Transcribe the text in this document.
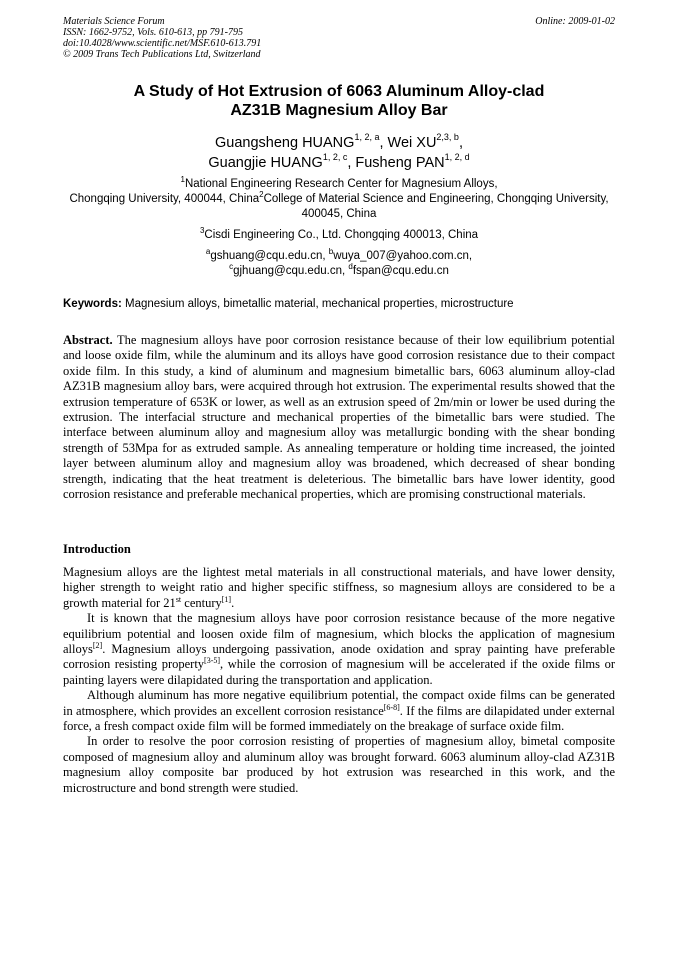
Materials Science Forum
ISSN: 1662-9752, Vols. 610-613, pp 791-795
doi:10.4028/www.scientific.net/MSF.610-613.791
© 2009 Trans Tech Publications Ltd, Switzerland
Online: 2009-01-02
A Study of Hot Extrusion of 6063 Aluminum Alloy-clad
AZ31B Magnesium Alloy Bar
Guangsheng HUANG$^{1, 2, a}$, Wei XU$^{2,3, b}$,
Guangjie HUANG$^{1, 2, c}$, Fusheng PAN$^{1, 2, d}$
$^1$National Engineering Research Center for Magnesium Alloys,
Chongqing University, 400044, China$^2$College of Material Science and Engineering, Chongqing University, 400045, China
$^3$Cisdi Engineering Co., Ltd. Chongqing 400013, China
$^a$gshuang@cqu.edu.cn, $^b$wuya_007@yahoo.com.cn,
$^c$gjhuang@cqu.edu.cn, $^d$fspan@cqu.edu.cn
Keywords: Magnesium alloys, bimetallic material, mechanical properties, microstructure
Abstract. The magnesium alloys have poor corrosion resistance because of their low equilibrium potential and loose oxide film, while the aluminum and its alloys have good corrosion resistance due to their compact oxide film. In this study, a kind of aluminum and magnesium bimetallic bars, 6063 aluminum alloy-clad AZ31B magnesium alloy bars, were acquired through hot extrusion. The experimental results showed that the extrusion temperature of 653K or lower, as well as an extrusion speed of 2m/min or lower be used during the extrusion. The interfacial structure and mechanical properties of the bimetallic bars were studied. The interface between aluminum alloy and magnesium alloy was metallurgic bonding with the shear bonding strength of 53Mpa for as extruded sample. As annealing temperature or holding time increased, the jointed layer between aluminum alloy and magnesium alloy was broadened, which decreased of shear bonding strength, indicating that the heat treatment is deleterious. The bimetallic bars have lower identity, good corrosion resistance and preferable mechanical properties, which are promising constructional materials.
Introduction

Magnesium alloys are the lightest metal materials in all constructional materials, and have lower density, higher strength to weight ratio and higher specific stiffness, so magnesium alloys are considered to be a growth material for 21st century[1].

It is known that the magnesium alloys have poor corrosion resistance because of the more negative equilibrium potential and loosen oxide film of magnesium, which blocks the application of magnesium alloys[2]. Magnesium alloys undergoing passivation, anode oxidation and spray painting have preferable corrosion resisting property[3-5], while the corrosion of magnesium will be accelerated if the oxide films or painting layers were dilapidated during the transportation and application.

Although aluminum has more negative equilibrium potential, the compact oxide films can be generated in atmosphere, which provides an excellent corrosion resistance[6-8]. If the films are dilapidated under external force, a fresh compact oxide film will be formed immediately on the breakage of surface oxide film.

In order to resolve the poor corrosion resisting of properties of magnesium alloy, bimetal composite composed of magnesium alloy and aluminum alloy was brought forward. 6063 aluminum alloy-clad AZ31B magnesium alloy composite bar produced by hot extrusion was researched in this work, and the microstructure and bond strength were studied.
